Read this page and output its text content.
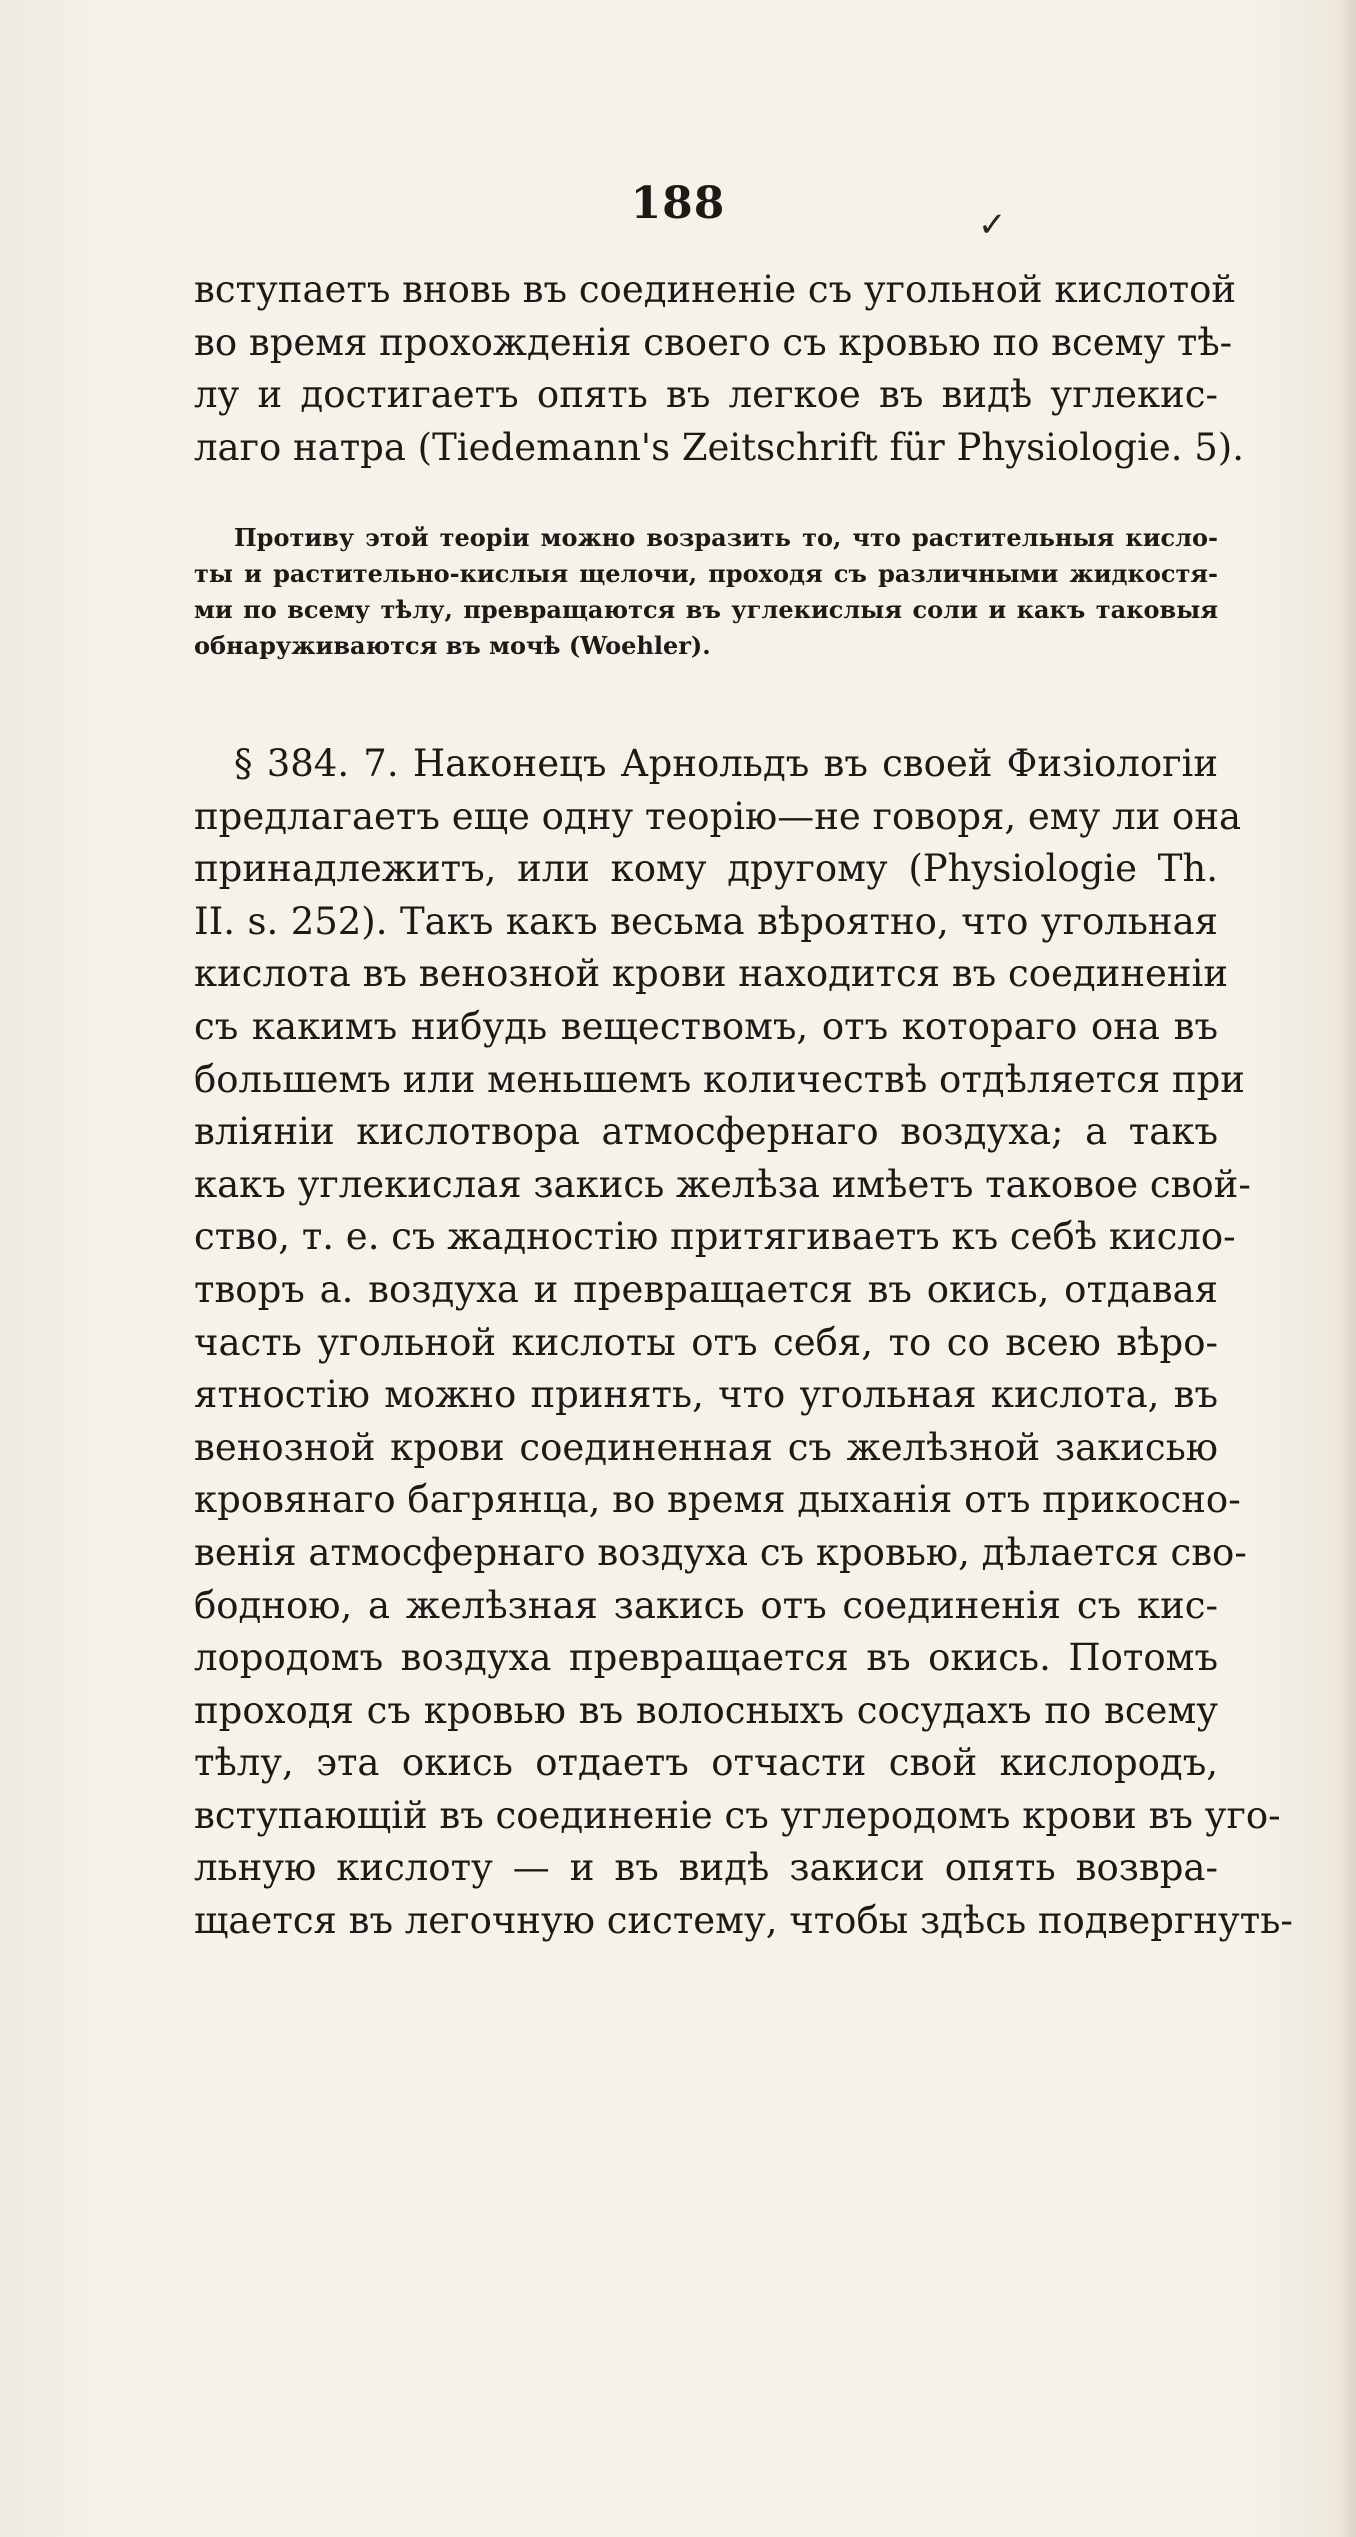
188	✓
вступаетъ вновь въ соединеніе съ угольной кислотой
во время прохожденія своего съ кровью по всему тѣ-
лу и достигаетъ опять въ легкое въ видѣ углекис-
лаго натра (Tiedemann's Zeitschrift für Physiologie. 5).
Противу этой теоріи можно возразить то, что растительныя кисло-
ты и растительно-кислыя щелочи, проходя съ различными жидкостя-
ми по всему тѣлу, превращаются въ углекислыя соли и какъ таковыя
обнаруживаются въ мочѣ (Woehler).
§ 384. 7. Наконецъ Арнольдъ въ своей Физіологіи
предлагаетъ еще одну теорію—не говоря, ему ли она
принадлежитъ, или кому другому (Physiologie Th.
II. s. 252). Такъ какъ весьма вѣроятно, что угольная
кислота въ венозной крови находится въ соединеніи
съ какимъ нибудь веществомъ, отъ котораго она въ
большемъ или меньшемъ количествѣ отдѣляется при
вліяніи кислотвора атмосфернаго воздуха; а такъ
какъ углекислая закись желѣза имѣетъ таковое свой-
ство, т. е. съ жадностію притягиваетъ къ себѣ кисло-
творъ а. воздуха и превращается въ окись, отдавая
часть угольной кислоты отъ себя, то со всею вѣро-
ятностію можно принять, что угольная кислота, въ
венозной крови соединенная съ желѣзной закисью
кровянаго багрянца, во время дыханія отъ прикосно-
венія атмосфернаго воздуха съ кровью, дѣлается сво-
бодною, а желѣзная закись отъ соединенія съ кис-
лородомъ воздуха превращается въ окись. Потомъ
проходя съ кровью въ волосныхъ сосудахъ по всему
тѣлу, эта окись отдаетъ отчасти свой кислородъ,
вступающій въ соединеніе съ углеродомъ крови въ уго-
льную кислоту — и въ видѣ закиси опять возвра-
щается въ легочную систему, чтобы здѣсь подвергнуть-
